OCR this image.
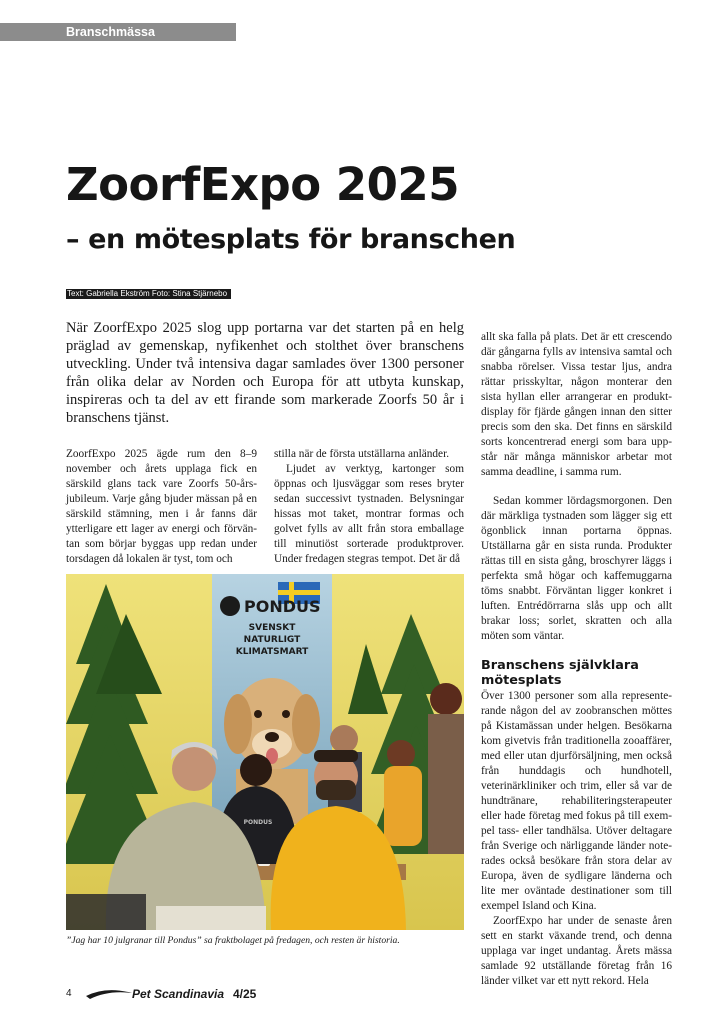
Branschmässa
ZoorfExpo 2025
– en mötesplats för branschen
Text: Gabriella Ekström Foto: Stina Stjärnebo

När ZoorfExpo 2025 slog upp portarna var det starten på en helg präglad av gemenskap, nyfikenhet och stolthet över branschens utveckling. Under två intensiva dagar samlades över 1300 personer från olika delar av Norden och Europa för att utbyta kunskap, inspireras och ta del av ett firande som markerade Zoorfs 50 år i branschens tjänst.

ZoorfExpo 2025 ägde rum den 8–9 november och årets upplaga fick en särskild glans tack vare Zoorfs 50-årsjubileum. Varje gång bjuder mässan på en särskild stämning, men i år fanns där ytterligare ett lager av energi och förväntan som börjar byggas upp redan under torsdagen då lokalen är tyst, tom och

stilla när de första utställarna anländer.

Ljudet av verktyg, kartonger som öppnas och ljusväggar som reses bryter sedan successivt tystnaden. Belysningar hissas mot taket, montrar formas och golvet fylls av allt från stora emballage till minutiöst sorterade produktprover. Under fredagen stegras tempot. Det är då

allt ska falla på plats. Det är ett crescendo där gångarna fylls av intensiva samtal och snabba rörelser. Vissa testar ljus, andra rättar prisskyltar, någon monterar den sista hyllan eller arrangerar en produktdisplay för fjärde gången innan den sitter precis som den ska. Det finns en särskild sorts koncentrerad energi som bara uppstår när många människor arbetar mot samma deadline, i samma rum.

Sedan kommer lördagsmorgonen. Den där märkliga tystnaden som lägger sig ett ögonblick innan portarna öppnas. Utställarna går en sista runda. Produkter rättas till en sista gång, broschyrer läggs i perfekta små högar och kaffemuggarna töms snabbt. Förväntan ligger konkret i luften. Entrédörrarna slås upp och allt brakar loss; sorlet, skratten och alla möten som väntar.

Branschens självklara mötesplats

Över 1300 personer som alla representerande någon del av zoobranschen möttes på Kistamässan under helgen. Besökarna kom givetvis från traditionella zooaffärer, med eller utan djurförsäljning, men också från hunddagis och hundhotell, veterinärkliniker och trim, eller så var de hundtränare, rehabiliteringsterapeuter eller hade företag med fokus på till exempel tass- eller tandhälsa. Utöver deltagare från Sverige och närliggande länder noterades också besökare från stora delar av Europa, även de sydligare länderna och lite mer oväntade destinationer som till exempel Island och Kina.

ZoorfExpo har under de senaste åren sett en starkt växande trend, och denna upplaga var inget undantag. Årets mässa samlade 92 utställande företag från 16 länder vilket var ett nytt rekord. Hela

PONDUS
SVENSKT
NATURLIGT
KLIMATSMART
PONDUS

”Jag har 10 julgranar till Pondus” sa fraktbolaget på fredagen, och resten är historia.

4	Pet Scandinavia 4/25
